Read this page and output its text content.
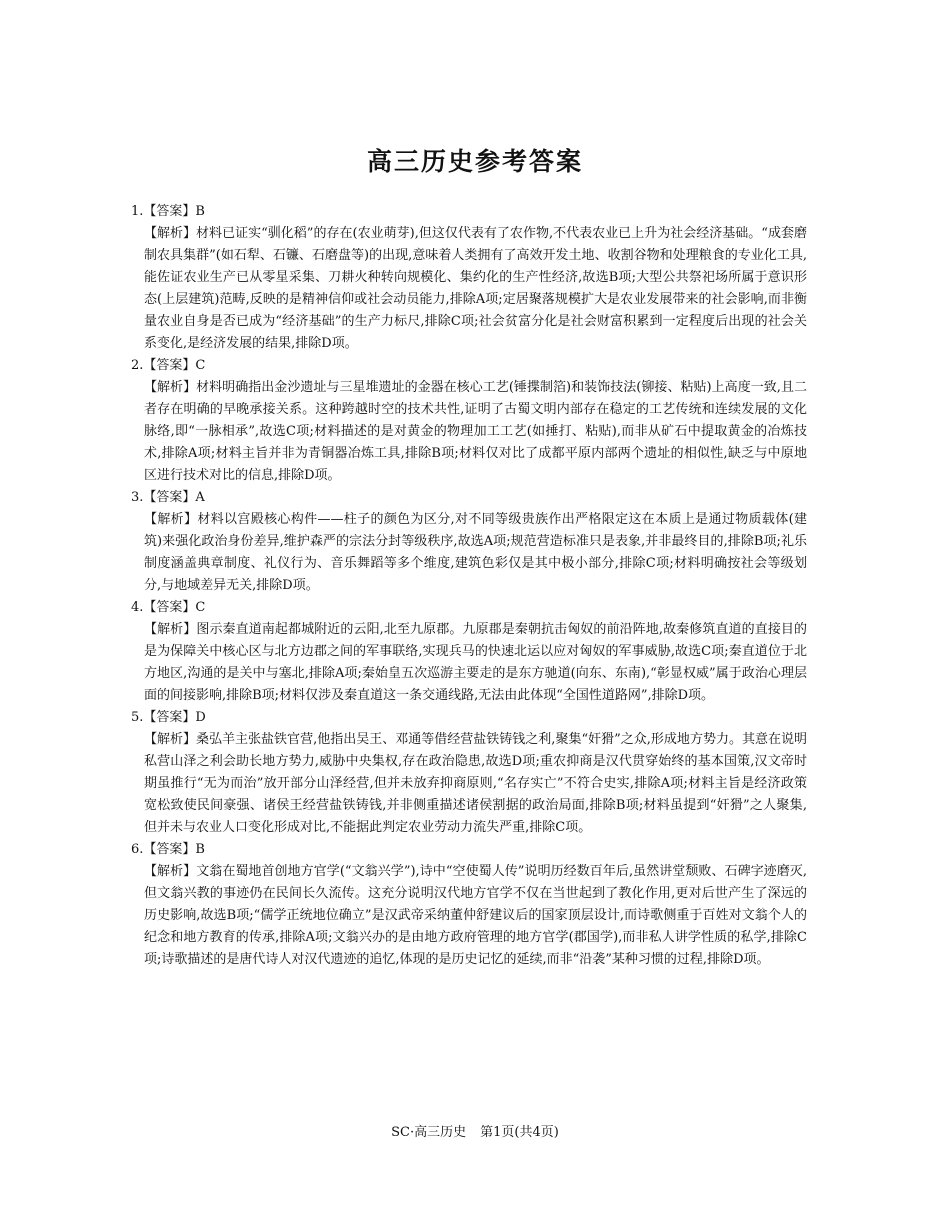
高三历史参考答案
1.【答案】B
【解析】材料已证实“驯化稻”的存在(农业萌芽),但这仅代表有了农作物,不代表农业已上升为社会经济基础。“成套磨制农具集群”(如石犁、石镰、石磨盘等)的出现,意味着人类拥有了高效开发土地、收割谷物和处理粮食的专业化工具,能佐证农业生产已从零星采集、刀耕火种转向规模化、集约化的生产性经济,故选B项;大型公共祭祀场所属于意识形态(上层建筑)范畴,反映的是精神信仰或社会动员能力,排除A项;定居聚落规模扩大是农业发展带来的社会影响,而非衡量农业自身是否已成为“经济基础”的生产力标尺,排除C项;社会贫富分化是社会财富积累到一定程度后出现的社会关系变化,是经济发展的结果,排除D项。
2.【答案】C
【解析】材料明确指出金沙遗址与三星堆遗址的金器在核心工艺(锤揲制箔)和装饰技法(铆接、粘贴)上高度一致,且二者存在明确的早晚承接关系。这种跨越时空的技术共性,证明了古蜀文明内部存在稳定的工艺传统和连续发展的文化脉络,即“一脉相承”,故选C项;材料描述的是对黄金的物理加工工艺(如捶打、粘贴),而非从矿石中提取黄金的冶炼技术,排除A项;材料主旨并非为青铜器冶炼工具,排除B项;材料仅对比了成都平原内部两个遗址的相似性,缺乏与中原地区进行技术对比的信息,排除D项。
3.【答案】A
【解析】材料以宫殿核心构件——柱子的颜色为区分,对不同等级贵族作出严格限定这在本质上是通过物质载体(建筑)来强化政治身份差异,维护森严的宗法分封等级秩序,故选A项;规范营造标准只是表象,并非最终目的,排除B项;礼乐制度涵盖典章制度、礼仪行为、音乐舞蹈等多个维度,建筑色彩仅是其中极小部分,排除C项;材料明确按社会等级划分,与地域差异无关,排除D项。
4.【答案】C
【解析】图示秦直道南起都城附近的云阳,北至九原郡。九原郡是秦朝抗击匈奴的前沿阵地,故秦修筑直道的直接目的是为保障关中核心区与北方边郡之间的军事联络,实现兵马的快速北运以应对匈奴的军事威胁,故选C项;秦直道位于北方地区,沟通的是关中与塞北,排除A项;秦始皇五次巡游主要走的是东方驰道(向东、东南),“彰显权威”属于政治心理层面的间接影响,排除B项;材料仅涉及秦直道这一条交通线路,无法由此体现“全国性道路网”,排除D项。
5.【答案】D
【解析】桑弘羊主张盐铁官营,他指出吴王、邓通等借经营盐铁铸钱之利,聚集“奸猾”之众,形成地方势力。其意在说明私营山泽之利会助长地方势力,威胁中央集权,存在政治隐患,故选D项;重农抑商是汉代贯穿始终的基本国策,汉文帝时期虽推行“无为而治”放开部分山泽经营,但并未放弃抑商原则,“名存实亡”不符合史实,排除A项;材料主旨是经济政策宽松致使民间豪强、诸侯王经营盐铁铸钱,并非侧重描述诸侯割据的政治局面,排除B项;材料虽提到“奸猾”之人聚集,但并未与农业人口变化形成对比,不能据此判定农业劳动力流失严重,排除C项。
6.【答案】B
【解析】文翁在蜀地首创地方官学(“文翁兴学”),诗中“空使蜀人传”说明历经数百年后,虽然讲堂颓败、石碑字迹磨灭,但文翁兴教的事迹仍在民间长久流传。这充分说明汉代地方官学不仅在当世起到了教化作用,更对后世产生了深远的历史影响,故选B项;“儒学正统地位确立”是汉武帝采纳董仲舒建议后的国家顶层设计,而诗歌侧重于百姓对文翁个人的纪念和地方教育的传承,排除A项;文翁兴办的是由地方政府管理的地方官学(郡国学),而非私人讲学性质的私学,排除C项;诗歌描述的是唐代诗人对汉代遗迹的追忆,体现的是历史记忆的延续,而非“沿袭”某种习惯的过程,排除D项。
SC·高三历史 第1页(共4页)
